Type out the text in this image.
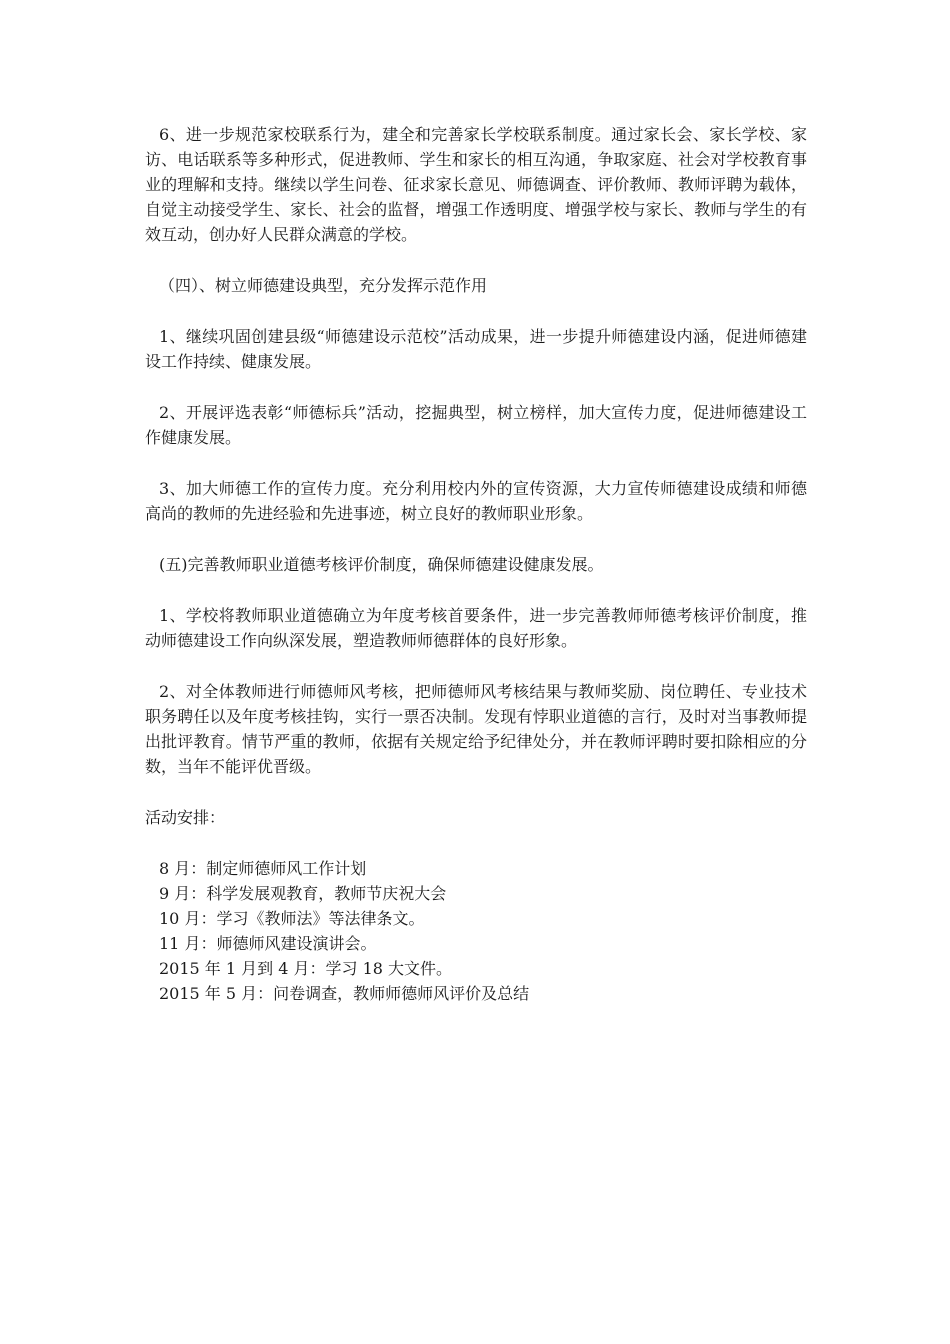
6、进一步规范家校联系行为，建全和完善家长学校联系制度。通过家长会、家长学校、家访、电话联系等多种形式，促进教师、学生和家长的相互沟通，争取家庭、社会对学校教育事业的理解和支持。继续以学生问卷、征求家长意见、师德调查、评价教师、教师评聘为载体，自觉主动接受学生、家长、社会的监督，增强工作透明度、增强学校与家长、教师与学生的有效互动，创办好人民群众满意的学校。

（四）、树立师德建设典型，充分发挥示范作用

1、继续巩固创建县级“师德建设示范校”活动成果，进一步提升师德建设内涵，促进师德建设工作持续、健康发展。

2、开展评选表彰“师德标兵”活动，挖掘典型，树立榜样，加大宣传力度，促进师德建设工作健康发展。

3、加大师德工作的宣传力度。充分利用校内外的宣传资源，大力宣传师德建设成绩和师德高尚的教师的先进经验和先进事迹，树立良好的教师职业形象。

(五)完善教师职业道德考核评价制度，确保师德建设健康发展。

1、学校将教师职业道德确立为年度考核首要条件，进一步完善教师师德考核评价制度，推动师德建设工作向纵深发展，塑造教师师德群体的良好形象。

2、对全体教师进行师德师风考核，把师德师风考核结果与教师奖励、岗位聘任、专业技术职务聘任以及年度考核挂钩，实行一票否决制。发现有悖职业道德的言行，及时对当事教师提出批评教育。情节严重的教师，依据有关规定给予纪律处分，并在教师评聘时要扣除相应的分数，当年不能评优晋级。

活动安排：

8 月：制定师德师风工作计划
9 月：科学发展观教育，教师节庆祝大会
10 月：学习《教师法》等法律条文。
11 月：师德师风建设演讲会。
2015 年 1 月到 4 月：学习 18 大文件。
2015 年 5 月：问卷调查，教师师德师风评价及总结
